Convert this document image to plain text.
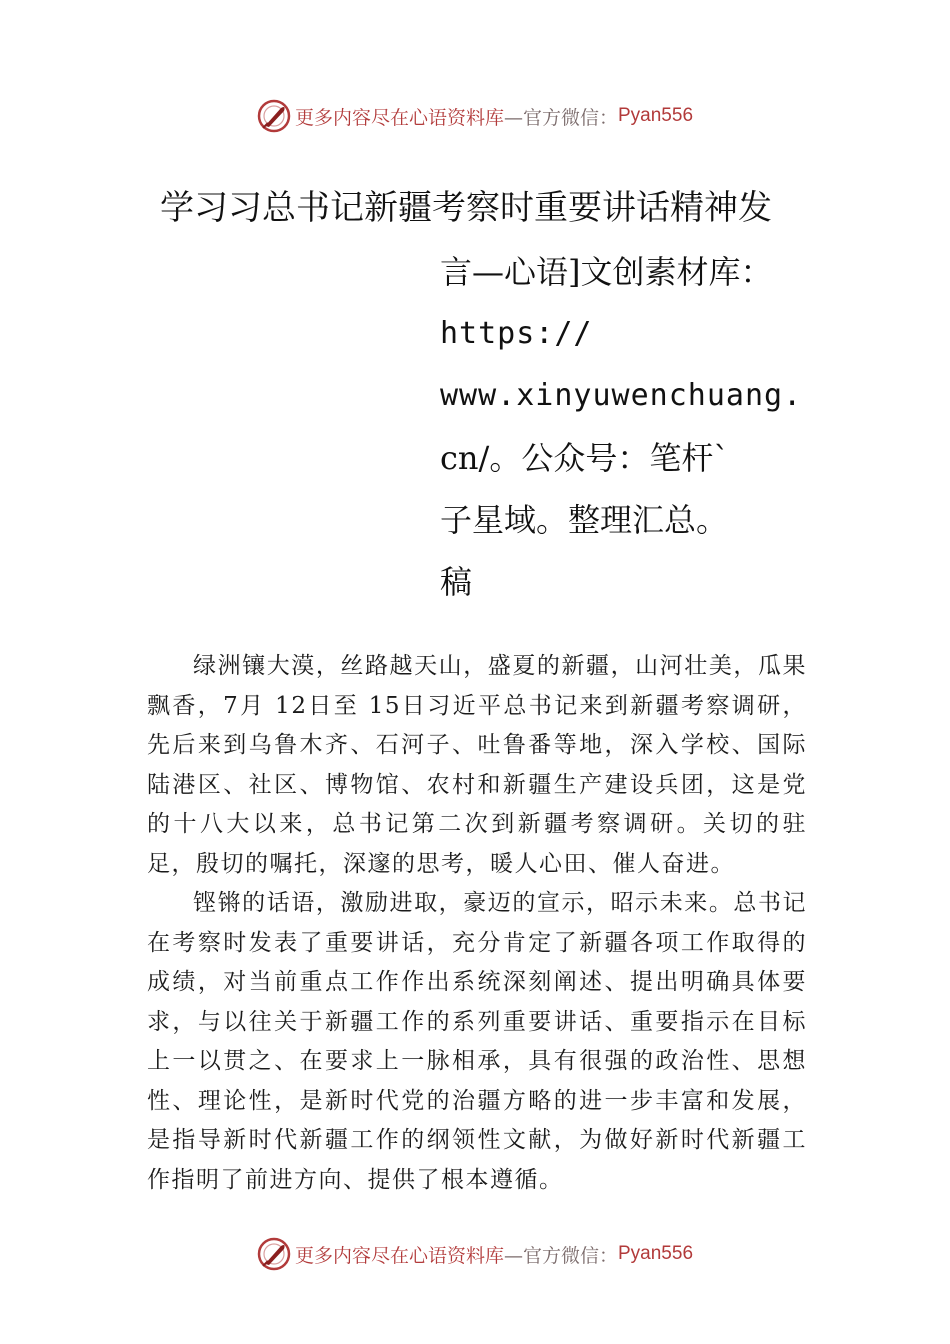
更多内容尽在心语资料库 —官方微信： Pyan556
学习习总书记新疆考察时重要讲话精神发
言—心语]文创素材库：
https://
www.xinyuwenchuang.
cn/。公众号：笔杆`
子星域。整理汇总。
稿

绿洲镶大漠，丝路越天山，盛夏的新疆，山河壮美，瓜果飘香，7月 12日至 15日习近平总书记来到新疆考察调研，先后来到乌鲁木齐、石河子、吐鲁番等地，深入学校、国际陆港区、社区、博物馆、农村和新疆生产建设兵团，这是党的十八大以来，总书记第二次到新疆考察调研。关切的驻足，殷切的嘱托，深邃的思考，暖人心田、催人奋进。

铿锵的话语，激励进取，豪迈的宣示，昭示未来。总书记在考察时发表了重要讲话，充分肯定了新疆各项工作取得的成绩，对当前重点工作作出系统深刻阐述、提出明确具体要求，与以往关于新疆工作的系列重要讲话、重要指示在目标上一以贯之、在要求上一脉相承，具有很强的政治性、思想性、理论性，是新时代党的治疆方略的进一步丰富和发展，是指导新时代新疆工作的纲领性文献，为做好新时代新疆工作指明了前进方向、提供了根本遵循。

更多内容尽在心语资料库 —官方微信： Pyan556
